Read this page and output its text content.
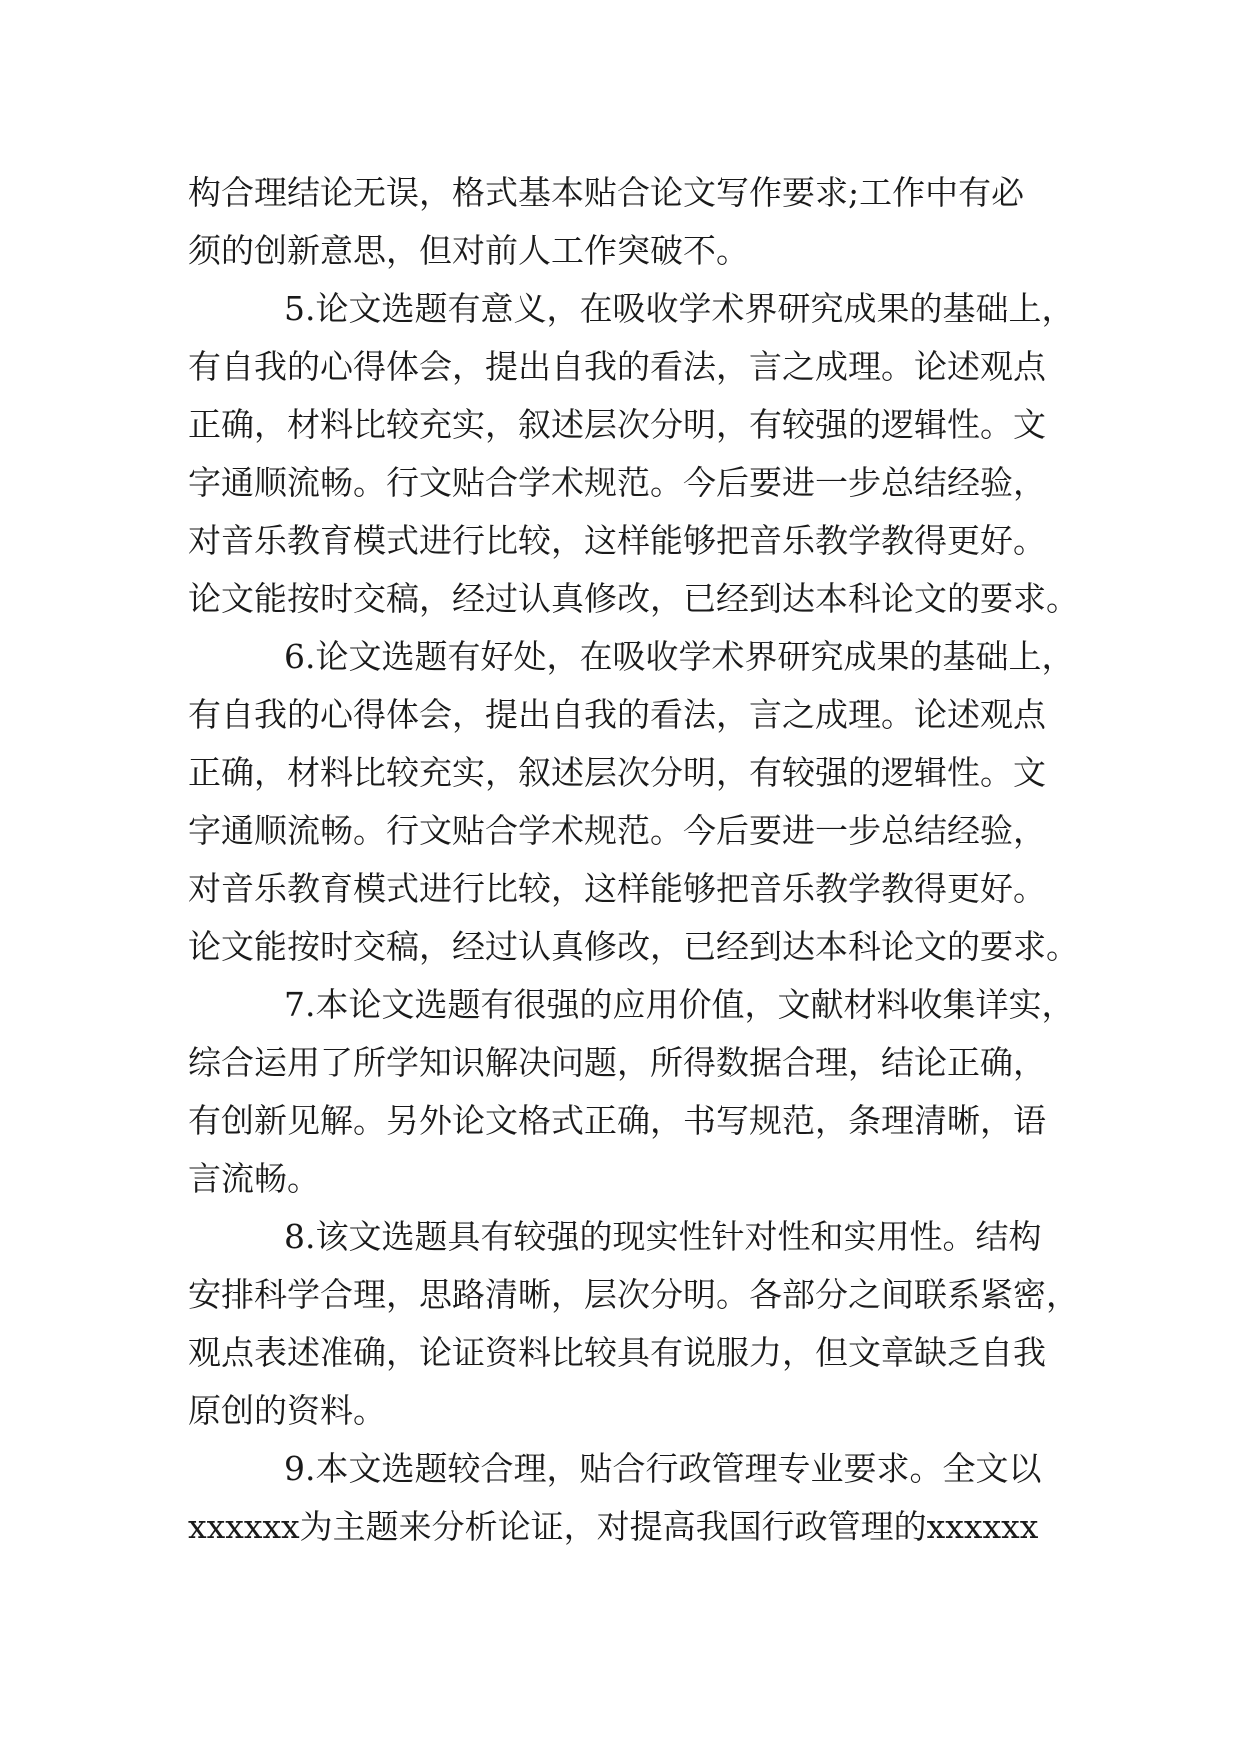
构合理结论无误，格式基本贴合论文写作要求;工作中有必
须的创新意思，但对前人工作突破不。
5.论文选题有意义，在吸收学术界研究成果的基础上，
有自我的心得体会，提出自我的看法，言之成理。论述观点
正确，材料比较充实，叙述层次分明，有较强的逻辑性。文
字通顺流畅。行文贴合学术规范。今后要进一步总结经验，
对音乐教育模式进行比较，这样能够把音乐教学教得更好。
论文能按时交稿，经过认真修改，已经到达本科论文的要求。
6.论文选题有好处，在吸收学术界研究成果的基础上，
有自我的心得体会，提出自我的看法，言之成理。论述观点
正确，材料比较充实，叙述层次分明，有较强的逻辑性。文
字通顺流畅。行文贴合学术规范。今后要进一步总结经验，
对音乐教育模式进行比较，这样能够把音乐教学教得更好。
论文能按时交稿，经过认真修改，已经到达本科论文的要求。
7.本论文选题有很强的应用价值，文献材料收集详实，
综合运用了所学知识解决问题，所得数据合理，结论正确，
有创新见解。另外论文格式正确，书写规范，条理清晰，语
言流畅。
8.该文选题具有较强的现实性针对性和实用性。结构
安排科学合理，思路清晰，层次分明。各部分之间联系紧密，
观点表述准确，论证资料比较具有说服力，但文章缺乏自我
原创的资料。
9.本文选题较合理，贴合行政管理专业要求。全文以
xxxxxx为主题来分析论证，对提高我国行政管理的xxxxxx
